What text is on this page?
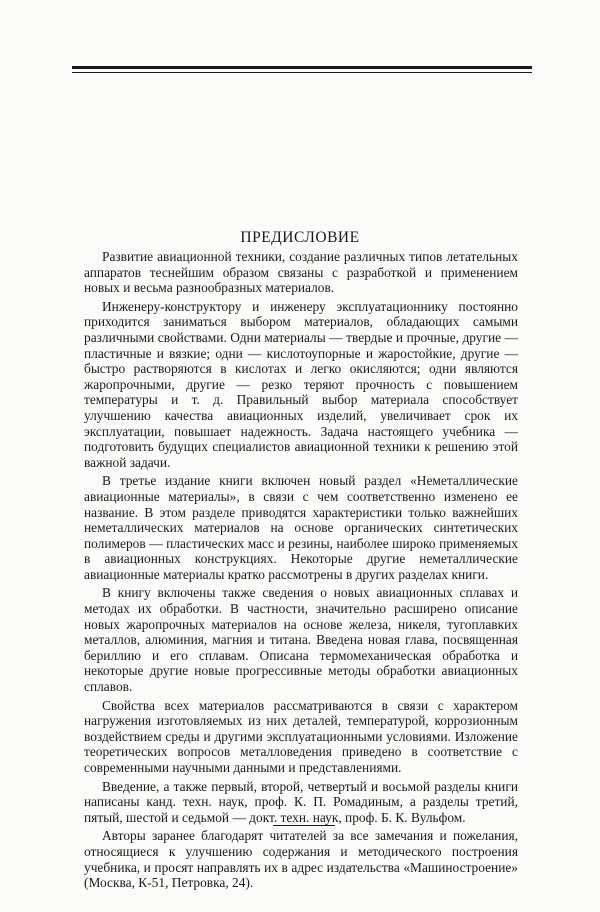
ПРЕДИСЛОВИЕ

Развитие авиационной техники, создание различных типов летательных аппаратов теснейшим образом связаны с разработкой и применением новых и весьма разнообразных материалов.

Инженеру-конструктору и инженеру эксплуатационнику постоянно приходится заниматься выбором материалов, обладающих самыми различными свойствами. Одни материалы — твердые и прочные, другие — пластичные и вязкие; одни — кислотоупорные и жаростойкие, другие — быстро растворяются в кислотах и легко окисляются; одни являются жаропрочными, другие — резко теряют прочность с повышением температуры и т. д. Правильный выбор материала способствует улучшению качества авиационных изделий, увеличивает срок их эксплуатации, повышает надежность. Задача настоящего учебника — подготовить будущих специалистов авиационной техники к решению этой важной задачи.

В третье издание книги включен новый раздел «Неметаллические авиационные материалы», в связи с чем соответственно изменено ее название. В этом разделе приводятся характеристики только важнейших неметаллических материалов на основе органических синтетических полимеров — пластических масс и резины, наиболее широко применяемых в авиационных конструкциях. Некоторые другие неметаллические авиационные материалы кратко рассмотрены в других разделах книги.

В книгу включены также сведения о новых авиационных сплавах и методах их обработки. В частности, значительно расширено описание новых жаропрочных материалов на основе железа, никеля, тугоплавких металлов, алюминия, магния и титана. Введена новая глава, посвященная бериллию и его сплавам. Описана термомеханическая обработка и некоторые другие новые прогрессивные методы обработки авиационных сплавов.

Свойства всех материалов рассматриваются в связи с характером нагружения изготовляемых из них деталей, температурой, коррозионным воздействием среды и другими эксплуатационными условиями. Изложение теоретических вопросов металловедения приведено в соответствие с современными научными данными и представлениями.

Введение, а также первый, второй, четвертый и восьмой разделы книги написаны канд. техн. наук, проф. К. П. Ромадиным, а разделы третий, пятый, шестой и седьмой — докт. техн. наук, проф. Б. К. Вульфом.

Авторы заранее благодарят читателей за все замечания и пожелания, относящиеся к улучшению содержания и методического построения учебника, и просят направлять их в адрес издательства «Машиностроение» (Москва, К-51, Петровка, 24).
